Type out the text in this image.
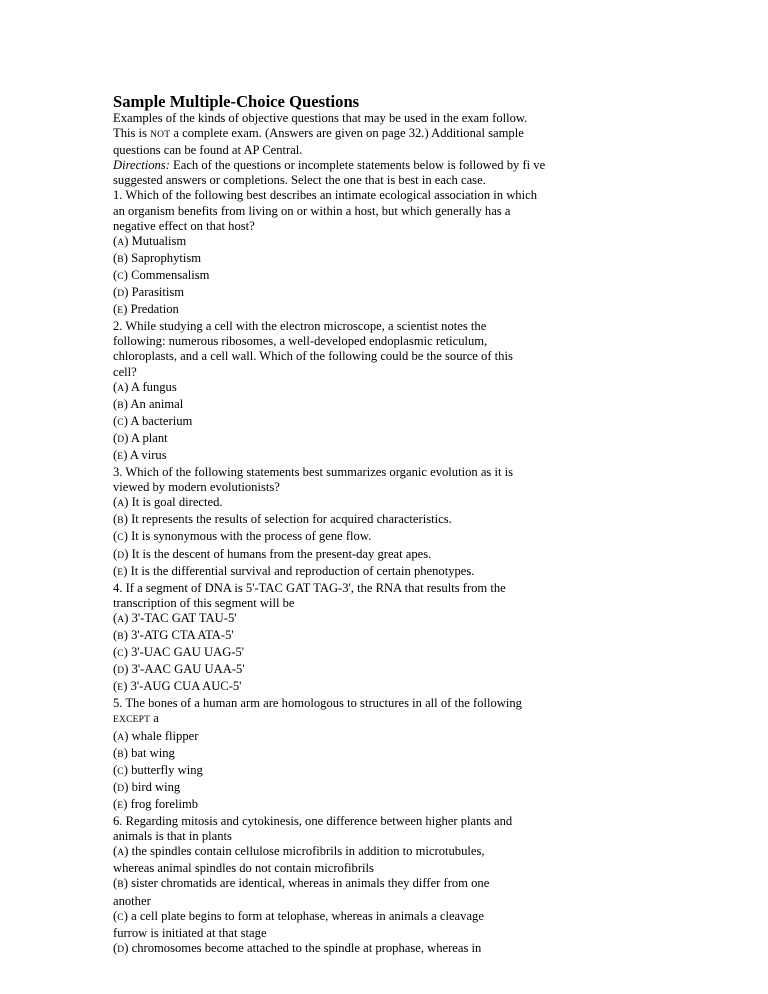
Sample Multiple-Choice Questions

Examples of the kinds of objective questions that may be used in the exam follow.

This is NOT a complete exam. (Answers are given on page 32.) Additional sample

questions can be found at AP Central.

Directions: Each of the questions or incomplete statements below is followed by fi ve

suggested answers or completions. Select the one that is best in each case.

1. Which of the following best describes an intimate ecological association in which

an organism benefits from living on or within a host, but which generally has a

negative effect on that host?

(A) Mutualism

(B) Saprophytism

(C) Commensalism

(D) Parasitism

(E) Predation

2. While studying a cell with the electron microscope, a scientist notes the

following: numerous ribosomes, a well-developed endoplasmic reticulum,

chloroplasts, and a cell wall. Which of the following could be the source of this

cell?

(A) A fungus

(B) An animal

(C) A bacterium

(D) A plant

(E) A virus

3. Which of the following statements best summarizes organic evolution as it is

viewed by modern evolutionists?

(A) It is goal directed.

(B) It represents the results of selection for acquired characteristics.

(C) It is synonymous with the process of gene flow.

(D) It is the descent of humans from the present-day great apes.

(E) It is the differential survival and reproduction of certain phenotypes.

4. If a segment of DNA is 5'-TAC GAT TAG-3', the RNA that results from the

transcription of this segment will be

(A) 3'-TAC GAT TAU-5'

(B) 3'-ATG CTA ATA-5'

(C) 3'-UAC GAU UAG-5'

(D) 3'-AAC GAU UAA-5'

(E) 3'-AUG CUA AUC-5'

5. The bones of a human arm are homologous to structures in all of the following

EXCEPT a

(A) whale flipper

(B) bat wing

(C) butterfly wing

(D) bird wing

(E) frog forelimb

6. Regarding mitosis and cytokinesis, one difference between higher plants and

animals is that in plants

(A) the spindles contain cellulose microfibrils in addition to microtubules,

whereas animal spindles do not contain microfibrils

(B) sister chromatids are identical, whereas in animals they differ from one

another

(C) a cell plate begins to form at telophase, whereas in animals a cleavage

furrow is initiated at that stage

(D) chromosomes become attached to the spindle at prophase, whereas in
